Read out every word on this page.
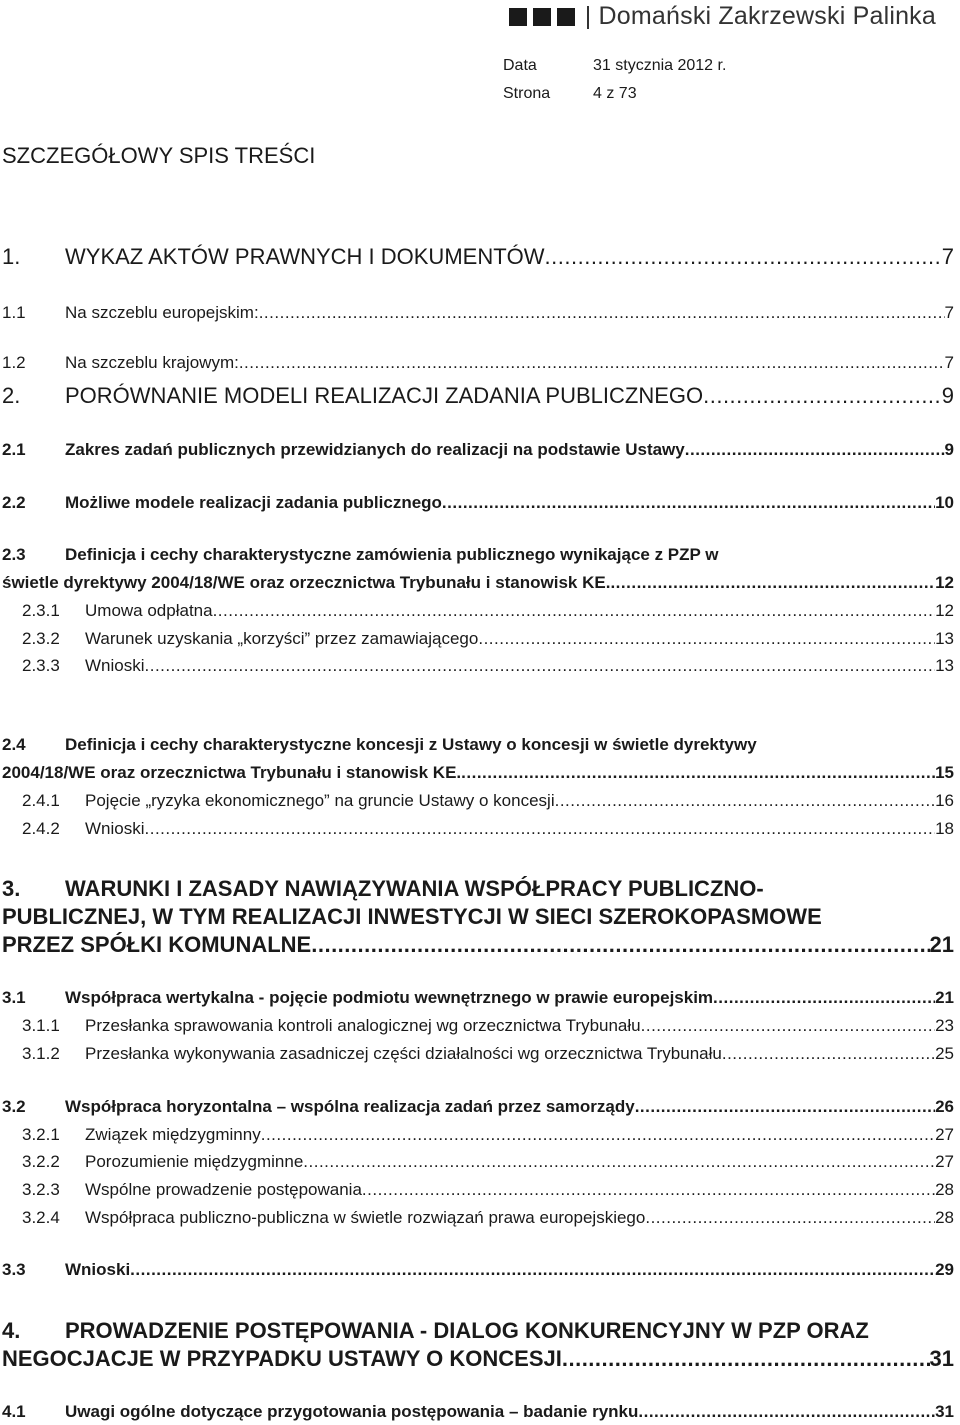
| Domański Zakrzewski Palinka
Data	31 stycznia 2012 r.
Strona	4 z 73
SZCZEGÓŁOWY SPIS TREŚCI
1.	WYKAZ AKTÓW PRAWNYCH I DOKUMENTÓW .....	7
1.1	Na szczeblu europejskim: .....	7
1.2	Na szczeblu krajowym: .....	7
2.	PORÓWNANIE MODELI REALIZACJI ZADANIA PUBLICZNEGO .....	9
2.1	Zakres zadań publicznych przewidzianych do realizacji na podstawie Ustawy .....	9
2.2	Możliwe modele realizacji zadania publicznego .....	10
2.3 Definicja i cechy charakterystyczne zamówienia publicznego wynikające z PZP w
świetle dyrektywy 2004/18/WE oraz orzecznictwa Trybunału i stanowisk KE. .....	12
2.3.1	Umowa odpłatna .....	12
2.3.2	Warunek uzyskania „korzyści” przez zamawiającego .....	13
2.3.3	Wnioski .....	13
2.4 Definicja i cechy charakterystyczne koncesji z Ustawy o koncesji w świetle dyrektywy
2004/18/WE oraz orzecznictwa Trybunału i stanowisk KE. .....	15
2.4.1	Pojęcie „ryzyka ekonomicznego” na gruncie Ustawy o koncesji .....	16
2.4.2	Wnioski .....	18
3. WARUNKI I ZASADY NAWIĄZYWANIA WSPÓŁPRACY PUBLICZNO-
PUBLICZNEJ, W TYM REALIZACJI INWESTYCJI W SIECI SZEROKOPASMOWE
PRZEZ SPÓŁKI KOMUNALNE .....	21
3.1	Współpraca wertykalna - pojęcie podmiotu wewnętrznego w prawie europejskim .....	21
3.1.1	Przesłanka sprawowania kontroli analogicznej wg orzecznictwa Trybunału .....	23
3.1.2	Przesłanka wykonywania zasadniczej części działalności wg orzecznictwa Trybunału .....	25
3.2	Współpraca horyzontalna – wspólna realizacja zadań przez samorządy .....	26
3.2.1	Związek międzygminny .....	27
3.2.2	Porozumienie międzygminne .....	27
3.2.3	Wspólne prowadzenie postępowania .....	28
3.2.4	Współpraca publiczno-publiczna w świetle rozwiązań prawa europejskiego .....	28
3.3	Wnioski .....	29
4. PROWADZENIE POSTĘPOWANIA - DIALOG KONKURENCYJNY W PZP ORAZ
NEGOCJACJE W PRZYPADKU USTAWY O KONCESJI .....	31
4.1	Uwagi ogólne dotyczące przygotowania postępowania – badanie rynku .....	31
